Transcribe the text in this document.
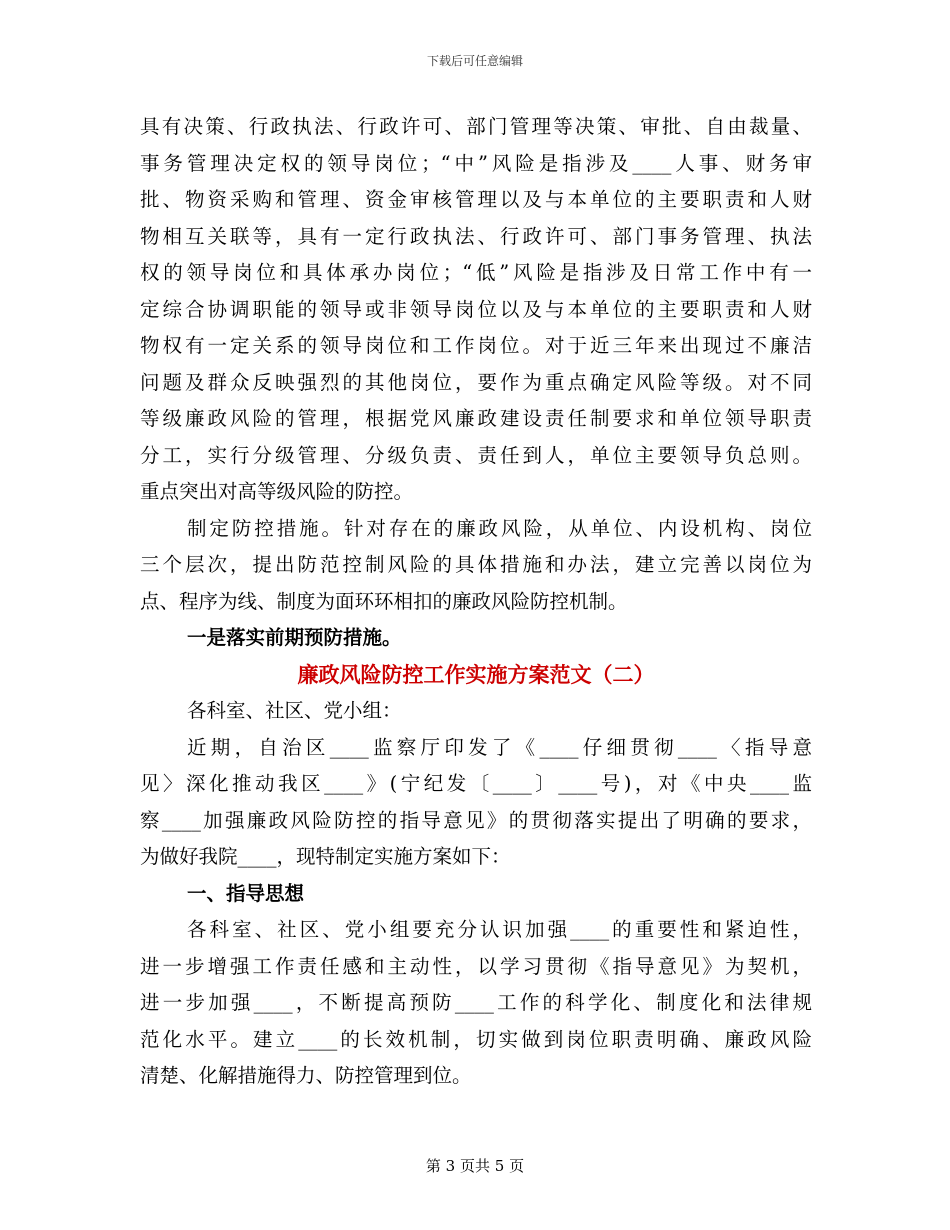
下载后可任意编辑
具有决策、行政执法、行政许可、部门管理等决策、审批、自由裁量、
事务管理决定权的领导岗位；“中”风险是指涉及____人事、财务审
批、物资采购和管理、资金审核管理以及与本单位的主要职责和人财
物相互关联等，具有一定行政执法、行政许可、部门事务管理、执法
权的领导岗位和具体承办岗位；“低”风险是指涉及日常工作中有一
定综合协调职能的领导或非领导岗位以及与本单位的主要职责和人财
物权有一定关系的领导岗位和工作岗位。对于近三年来出现过不廉洁
问题及群众反映强烈的其他岗位，要作为重点确定风险等级。对不同
等级廉政风险的管理，根据党风廉政建设责任制要求和单位领导职责
分工，实行分级管理、分级负责、责任到人，单位主要领导负总则。
重点突出对高等级风险的防控。
制定防控措施。针对存在的廉政风险，从单位、内设机构、岗位
三个层次，提出防范控制风险的具体措施和办法，建立完善以岗位为
点、程序为线、制度为面环环相扣的廉政风险防控机制。
一是落实前期预防措施。
廉政风险防控工作实施方案范文（二）
各科室、社区、党小组：
近期，自治区____监察厅印发了《____仔细贯彻____〈指导意
见〉深化推动我区____》(宁纪发〔____〕____号)，对《中央____监
察____加强廉政风险防控的指导意见》的贯彻落实提出了明确的要求，
为做好我院____，现特制定实施方案如下：
一、指导思想
各科室、社区、党小组要充分认识加强____的重要性和紧迫性，
进一步增强工作责任感和主动性，以学习贯彻《指导意见》为契机，
进一步加强____，不断提高预防____工作的科学化、制度化和法律规
范化水平。建立____的长效机制，切实做到岗位职责明确、廉政风险
清楚、化解措施得力、防控管理到位。
第 3 页共 5 页
